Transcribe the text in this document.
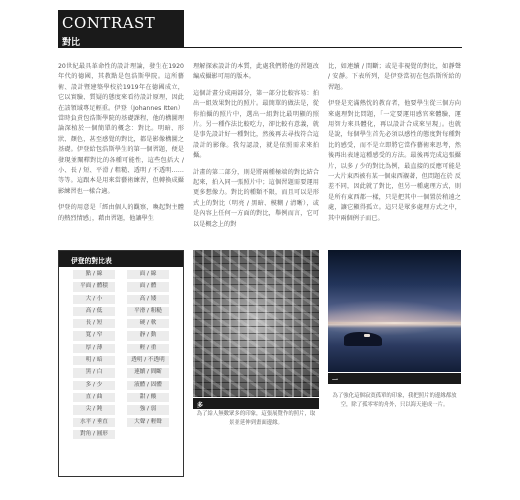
CONTRAST
對比

20世紀最具革命性的設計理論，發生在1920年代的德國，其教點是包浩斯學院。這所藝術、設計暨建築學校於1919年在德國成立，它以實驗、質疑的態度來看待設計原理，因此在該領域專足輕重。伊登（Johannes Itten）當時負責包浩斯學院的基礎課程，他的構圖理論深植於一個簡單的概念：對比。明暗、形狀、顏色，甚至感覺的對比，都是影像構圖之基礎。伊登給包浩斯學生的第一個習題，便是發現並闡釋對比的各種可能性，這些包括大 / 小、長 / 短、平滑 / 粗糙、透明 / 不透明……等等。這跟本是用來當藝術練習，但轉換成攝影練習也一樣合適。

伊登的用意是「經由個人的觀察，喚起對主體的熱烈情感」，藉由習題，他讓學生

理解探索設計的本質，此處我們將他的習題改編成攝影可用的版本。

這個計畫分成兩部分，第一部分比較容易：拍出一組效果對比的照片。最簡單的做法是，從你拍攝的照片中，選出一組對比最明顯的照片。另一種作法比較吃力，卻比較有意義，就是事先設計好一種對比，然後再去尋找符合這設計的影像。我勾認設，就是依照需求來拍攝。

計畫的第二部分，則是將兩種極端的對比結合起來，拍入同一張照片中；這個習題需要運用更多想像力。對比的種類不限，而且可以是形式上的對比（明亮 / 黑暗、模糊 / 清晰），或是內容上任何一方面的對比，舉例而言，它可以是概念上的對

比，如連續 / 間斷；或是非視覺的對比，如靜聲 / 安靜。下表所列，是伊登當初在包浩斯所給的習題。

伊登是充滿熱忱的教育者，他要學生從三個方向來處理對比問題，「一定要運用感官來體驗，運用智力來具體化，再以設計合成來呈現」。也就是說，每個學生首先必須以感性的態度對每種對比的感受，而不是立即將它當作藝術來思考，然後再出表達這種感受的方法。最後再完成這張攝片，以多 / 少的對比為例，最直接的反應可能是一大片東西被有某一個東西襯著，但問題在於 反差不同，因此就了對比，但另一種處理方式，則是所有東西都一樣，只是把其中一個置於稍遠之處，讓它顯得孤立。這只是眾多處理方式之中，其中兩個例子而已。

伊登的對比表
點 / 線	面 / 線
平面 / 體積	面 / 體
大 / 小	高 / 矮
高 / 低	平滑 / 粗糙
長 / 短	硬 / 軟
寬 / 窄	靜 / 動
厚 / 薄	輕 / 重
明 / 暗	透明 / 不透明
黑 / 白	連續 / 間斷
多 / 少	液體 / 固體
直 / 曲	甜 / 酸
尖 / 鈍	強 / 弱
水平 / 垂直	大聲 / 輕聲
對角 / 圓形
多
為了給人無數眾多的印象，這張展覽作的照片，取景並延伸到畫面邊緣。
一
為了強化這個寂寞孤單的印象，我把照片的邊緣都放空，除了孤零零的舟外，只以海天連成一片。
